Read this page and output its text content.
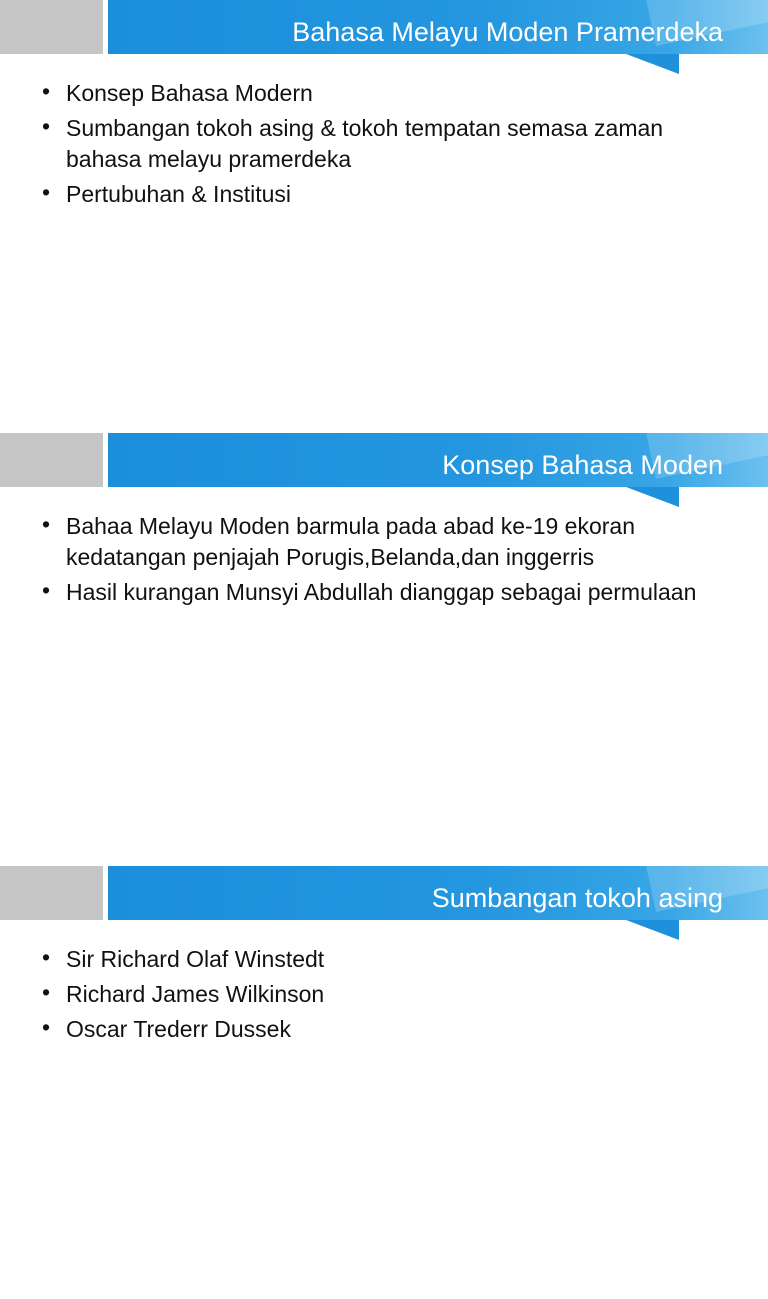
Bahasa Melayu Moden Pramerdeka
• Konsep Bahasa Modern
• Sumbangan tokoh asing & tokoh tempatan semasa zaman bahasa melayu pramerdeka
• Pertubuhan & Institusi
Konsep Bahasa Moden
• Bahaa Melayu Moden barmula pada abad ke-19 ekoran kedatangan penjajah Porugis,Belanda,dan inggerris
• Hasil kurangan Munsyi Abdullah dianggap sebagai permulaan
Sumbangan tokoh asing
• Sir Richard Olaf Winstedt
• Richard James Wilkinson
• Oscar Trederr Dussek
